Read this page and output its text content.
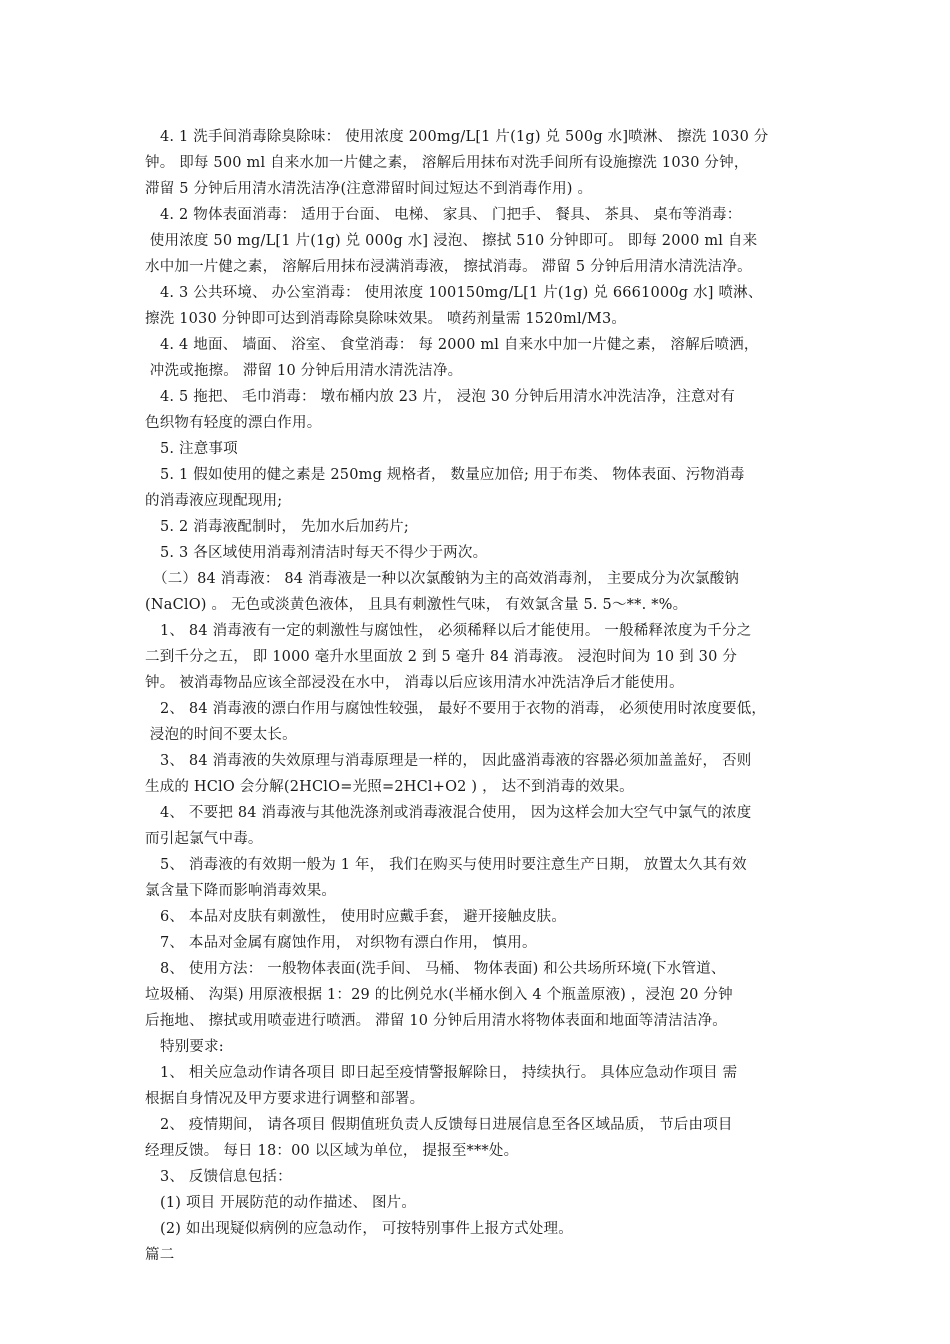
4. 1 洗手间消毒除臭除味： 使用浓度 200mg/L[1 片(1g) 兑 500g 水]喷淋、 擦洗 1030 分
钟。 即每 500 ml 自来水加一片健之素， 溶解后用抹布对洗手间所有设施擦洗 1030 分钟，
滞留 5 分钟后用清水清洗洁净(注意滞留时间过短达不到消毒作用) 。
4. 2 物体表面消毒： 适用于台面、 电梯、 家具、 门把手、 餐具、 茶具、 桌布等消毒：
使用浓度 50 mg/L[1 片(1g) 兑 000g 水] 浸泡、 擦拭 510 分钟即可。 即每 2000 ml 自来
水中加一片健之素， 溶解后用抹布浸满消毒液， 擦拭消毒。 滞留 5 分钟后用清水清洗洁净。
4. 3 公共环境、 办公室消毒： 使用浓度 100150mg/L[1 片(1g) 兑 6661000g 水] 喷淋、
擦洗 1030 分钟即可达到消毒除臭除味效果。 喷药剂量需 1520ml/M3。
4. 4 地面、 墙面、 浴室、 食堂消毒： 每 2000 ml 自来水中加一片健之素， 溶解后喷洒，
冲洗或拖擦。 滞留 10 分钟后用清水清洗洁净。
4. 5 拖把、 毛巾消毒： 墩布桶内放 23 片， 浸泡 30 分钟后用清水冲洗洁净，注意对有
色织物有轻度的漂白作用。
5. 注意事项
5. 1 假如使用的健之素是 250mg 规格者， 数量应加倍; 用于布类、 物体表面、污物消毒
的消毒液应现配现用;
5. 2 消毒液配制时， 先加水后加药片;
5. 3 各区域使用消毒剂清洁时每天不得少于两次。
（二）84 消毒液： 84 消毒液是一种以次氯酸钠为主的高效消毒剂， 主要成分为次氯酸钠
(NaClO) 。 无色或淡黄色液体， 且具有刺激性气味， 有效氯含量 5. 5～**. *%。
1、 84 消毒液有一定的刺激性与腐蚀性， 必须稀释以后才能使用。 一般稀释浓度为千分之
二到千分之五， 即 1000 毫升水里面放 2 到 5 毫升 84 消毒液。 浸泡时间为 10 到 30 分
钟。 被消毒物品应该全部浸没在水中， 消毒以后应该用清水冲洗洁净后才能使用。
2、 84 消毒液的漂白作用与腐蚀性较强， 最好不要用于衣物的消毒， 必须使用时浓度要低，
浸泡的时间不要太长。
3、 84 消毒液的失效原理与消毒原理是一样的， 因此盛消毒液的容器必须加盖盖好， 否则
生成的 HClO 会分解(2HClO=光照=2HCl+O2 ) ， 达不到消毒的效果。
4、 不要把 84 消毒液与其他洗涤剂或消毒液混合使用， 因为这样会加大空气中氯气的浓度
而引起氯气中毒。
5、 消毒液的有效期一般为 1 年， 我们在购买与使用时要注意生产日期， 放置太久其有效
氯含量下降而影响消毒效果。
6、 本品对皮肤有刺激性， 使用时应戴手套， 避开接触皮肤。
7、 本品对金属有腐蚀作用， 对织物有漂白作用， 慎用。
8、 使用方法： 一般物体表面(洗手间、 马桶、 物体表面) 和公共场所环境(下水管道、
垃圾桶、 沟渠) 用原液根据 1：29 的比例兑水(半桶水倒入 4 个瓶盖原液) ，浸泡 20 分钟
后拖地、 擦拭或用喷壶进行喷洒。 滞留 10 分钟后用清水将物体表面和地面等清洁洁净。
特别要求:
1、 相关应急动作请各项目 即日起至疫情警报解除日， 持续执行。 具体应急动作项目 需
根据自身情况及甲方要求进行调整和部署。
2、 疫情期间， 请各项目 假期值班负责人反馈每日进展信息至各区域品质， 节后由项目
经理反馈。 每日 18：00 以区域为单位， 提报至***处。
3、 反馈信息包括：
(1) 项目 开展防范的动作描述、 图片。
(2) 如出现疑似病例的应急动作， 可按特别事件上报方式处理。
篇二
